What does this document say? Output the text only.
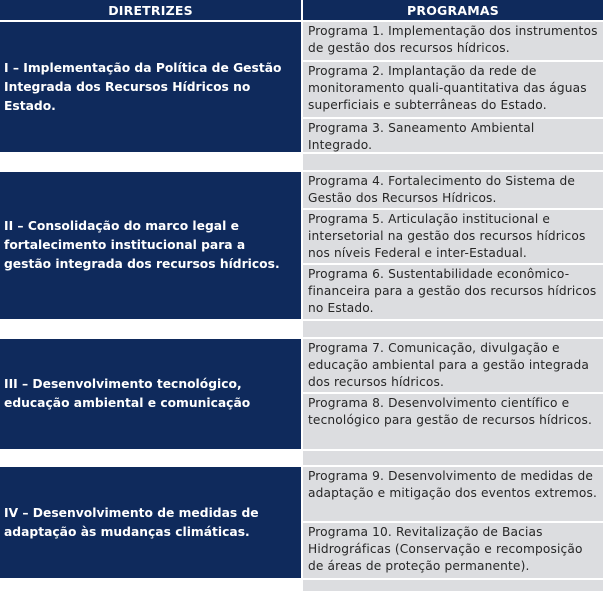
DIRETRIZES	PROGRAMAS
I – Implementação da Política de Gestão Integrada dos Recursos Hídricos no Estado.
Programa 1. Implementação dos instrumentos de gestão dos recursos hídricos.
Programa 2. Implantação da rede de monitoramento quali-quantitativa das águas superficiais e subterrâneas do Estado.
Programa 3. Saneamento Ambiental Integrado.
II – Consolidação do marco legal e fortalecimento institucional para a gestão integrada dos recursos hídricos.
Programa 4. Fortalecimento do Sistema de Gestão dos Recursos Hídricos.
Programa 5. Articulação institucional e intersetorial na gestão dos recursos hídricos nos níveis Federal e inter-Estadual.
Programa 6. Sustentabilidade econômico-financeira para a gestão dos recursos hídricos no Estado.
III – Desenvolvimento tecnológico, educação ambiental e comunicação
Programa 7. Comunicação, divulgação e educação ambiental para a gestão integrada dos recursos hídricos.
Programa 8. Desenvolvimento científico e tecnológico para gestão de recursos hídricos.
IV – Desenvolvimento de medidas de adaptação às mudanças climáticas.
Programa 9. Desenvolvimento de medidas de adaptação e mitigação dos eventos extremos.
Programa 10. Revitalização de Bacias Hidrográficas (Conservação e recomposição de áreas de proteção permanente).
